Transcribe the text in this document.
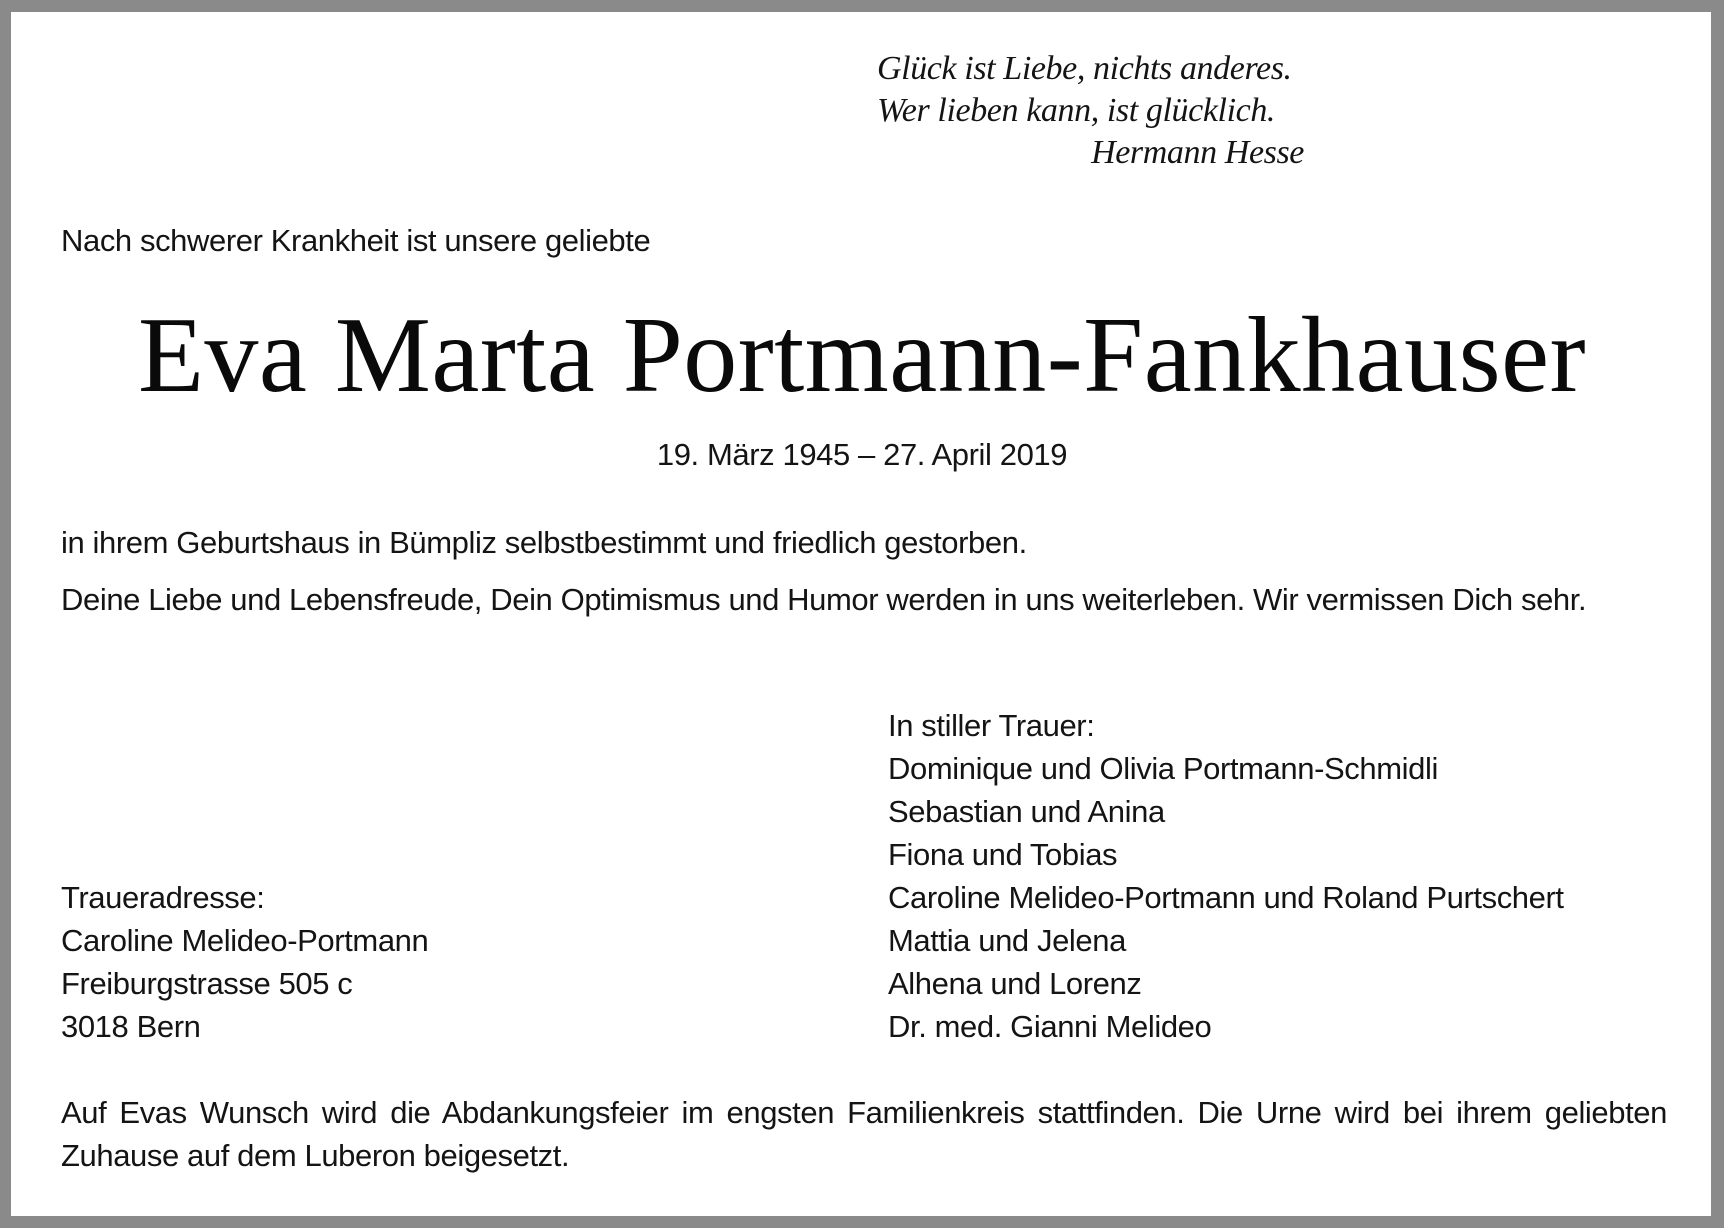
Glück ist Liebe, nichts anderes.
Wer lieben kann, ist glücklich.
Hermann Hesse

Nach schwerer Krankheit ist unsere geliebte

Eva Marta Portmann-Fankhauser

19. März 1945 – 27. April 2019

in ihrem Geburtshaus in Bümpliz selbstbestimmt und friedlich gestorben.

Deine Liebe und Lebensfreude, Dein Optimismus und Humor werden in uns weiterleben. Wir vermissen Dich sehr.

In stiller Trauer:
Dominique und Olivia Portmann-Schmidli
Sebastian und Anina
Fiona und Tobias
Caroline Melideo-Portmann und Roland Purtschert
Mattia und Jelena
Alhena und Lorenz
Dr. med. Gianni Melideo
Traueradresse:
Caroline Melideo-Portmann
Freiburgstrasse 505 c
3018 Bern

Auf Evas Wunsch wird die Abdankungsfeier im engsten Familienkreis stattfinden. Die Urne wird bei ihrem geliebten Zuhause auf dem Luberon beigesetzt.
